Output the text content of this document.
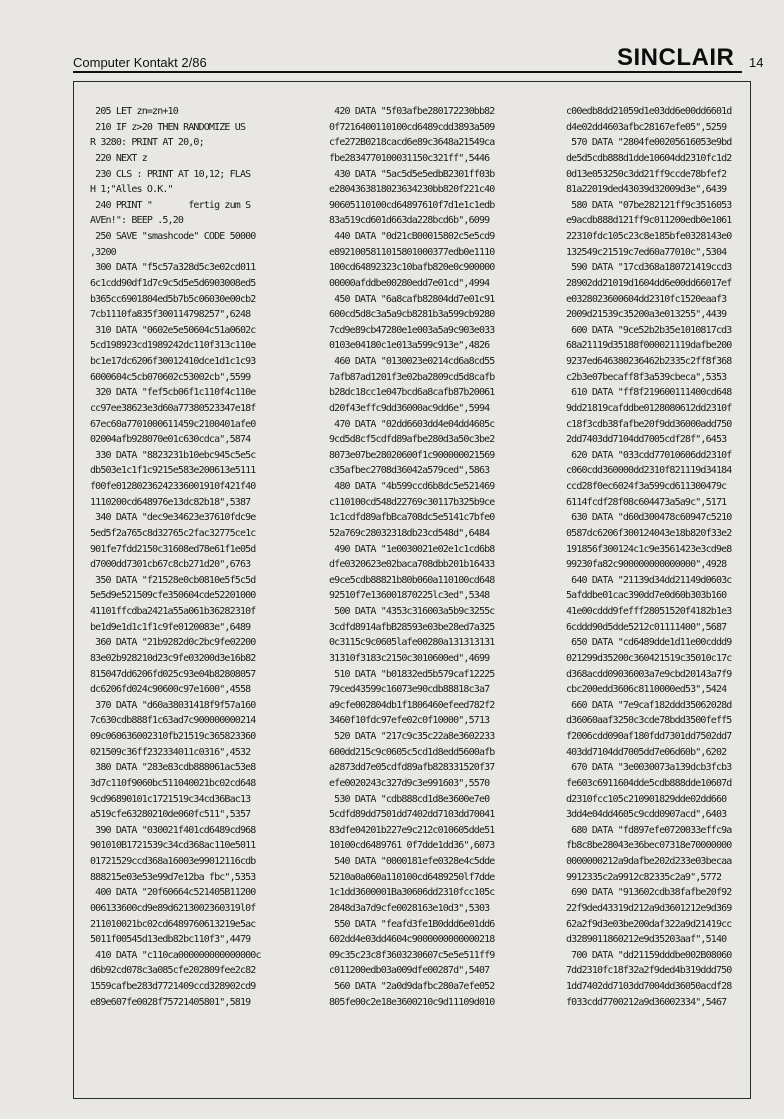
Computer Kontakt 2/86	SINCLAIR 14
205 LET zn=zn+10
210 IF z>20 THEN RANDOMIZE US
R 3280: PRINT AT 20,0;
220 NEXT z
230 CLS : PRINT AT 10,12; FLAS
H 1;"Alles O.K."
240 PRINT "       fertig zum S
AVEn!": BEEP .5,20
250 SAVE "smashcode" CODE 50000
,3200
300 DATA "f5c57a328d5c3e02cd011
6c1cdd90df1d7c9c5d5e5d6903008ed5
b365cc6901804ed5b7b5c06030e00cb2
7cb1110fa835f300114798257",6248
310 DATA "0602e5e50604c51a0602c
5cd198923cd1989242dc110f313c110e
bc1e17dc6206f30012410dce1d1c1c93
6000604c5cb070602c53002cb",5599
320 DATA "fef5cb06f1c110f4c110e
cc97ee38623e3d60a77380523347e18f
67ec60a7701000611459c2100401afe0
02004afb928070e01c630cdca",5874
330 DATA "8823231b10ebc945c5e5c
db503e1c1f1c9215e583e200613e5111
f00fe01280236242336001910f421f40
1110200cd648976e13dc82b18",5387
340 DATA "dec9e34623e37610fdc9e
5ed5f2a765c8d32765c2fac32775ce1c
901fe7fdd2150c31608ed78e61f1e05d
d7000dd7301cb67c8cb271d20",6763
350 DATA "f21528e0cb0810e5f5c5d
5e5d9e521509cfe350604cde52201000
41101ffcdba2421a55a061b36282310f
be1d9e1d1c1f1c9fe0120083e",6489
360 DATA "21b9282d0c2bc9fe02200
83e02b928210d23c9fe03200d3e16b82
815047dd6206fd025c93e04b82808057
dc6206fd024c90600c97e1600",4558
370 DATA "d60a38031418f9f57a160
7c630cdb888f1c63ad7c900000000214
09c060636002310fb21519c365823360
021509c36ff232334011c0316",4532
380 DATA "283e83cdb888061ac53e8
3d7c110f9060bc511040021bc02cd648
9cd96890101c1721519c34cd36Bac13
a519cfe63280210de060fc511",5357
390 DATA "030021f401cd6489cd968
901010B1721539c34cd368ac110e5011
01721529ccd368a16003e99012116cdb
888215e03e53e99d7e12ba fbc",5353
400 DATA "20f60664c521405B11200
006133600cd9e89d6213002360319l0f
211010021bc02cd6489760613219e5ac
5011f00545d13edb82bc110f3",4479
410 DATA "c110ca000000000000000c
d6b92cd078c3a085cfe202809fee2c82
1559cafbe283d7721409ccd328902cd9
e89e607fe0028f75721405801",5819
420 DATA "5f03afbe280172230bb82
0f7216400110100cd6489cdd3893a509
cfe272B0218cacd6e89c3648a21549ca
fbe2834770100031150c321ff",5446
430 DATA "5ac5d5e5edbB2301ff03b
e2804363818023634230bb820f221c40
90605110100cd64897610f7d1e1c1edb
83a519cd601d663da228bcd6b",6099
440 DATA "0d21cB00015802c5e5cd9
e8921005811015801000377edb0e1110
100cd64892323c10bafb820e0c900000
00000afddbe00280edd7e01cd",4994
450 DATA "6a8cafb82804dd7e01c91
600cd5d8c3a5a9cb8281b3a599cb9280
7cd9e89cb47280e1e003a5a9c903e033
0103e04180c1e013a599c913e",4826
460 DATA "0130023e0214cd6a8cd55
7afb87ad1201f3e02ba2809cd5d8cafb
b28dc18cc1e047bcd6a8cafb87b20061
d20f43effc9dd36000ac9dd6e",5994
470 DATA "02dd6603dd4e04dd4605c
9cd5d8cf5cdfd89afbe280d3a50c3be2
8073e07be28020600f1c900000021569
c35afbec2708d36042a579ced",5863
480 DATA "4b599ccd6b8dc5e521469
c110100cd548d22769c30117b325b9ce
1c1cdfd89afbBca708dc5e5141c7bfe0
52a769c28032318db23cd548d",6484
490 DATA "1e0030021e02e1c1cd6b8
dfe0320623e02baca708dbb201b16433
e9ce5cdb88821b80b060a110100cd648
92510f7e136001870225lc3ed",5348
500 DATA "4353c316003a5b9c3255c
3cdfd8914afbB28593e03be28ed7a325
0c3115c9c0605lafe00280a131313131
31310f3183c2150c3010600ed",4699
510 DATA "b01832ed5b579caf12225
79ced43599c16073e90cdb88818c3a7
a9cfe002804db1f1806460efeed782f2
3460f10fdc97efe02c0f10000",5713
520 DATA "217c9c35c22a8e3602233
600dd215c9c0605c5cd1d8edd5600afb
a2873dd7e05cdfd89afb828331520f37
efe0020243c327d9c3e991603",5570
530 DATA "cdb888cd1d8e3600e7e0
5cdfd89dd7501dd7402dd7103dd70041
83dfe04201b227e9c212c010605dde51
10100cd6489761 0f7dde1dd36",6073
540 DATA "0000181efe0328e4c5dde
5210a0a060a110100cd6489250lf7dde
1c1dd3600001Ba30606dd2310fcc105c
2848d3a7d9cfe0028163e10d3",5303
550 DATA "feafd3fe1B0ddd6e01dd6
602dd4e03dd4604c9000000000000218
09c35c23c8f3603230607c5e5e511ff9
c011200edb03a009dfe00287d",5407
560 DATA "2a0d9dafbc280a7efe052
805fe00c2e18e3600210c9d11109d010
c00edb8dd21059d1e03dd6e00dd6601d
d4e02dd4603afbc28167efe05",5259
570 DATA "2804fe00205616053e9bd
de5d5cdb888d1dde10604dd2310fc1d2
0d13e053250c3dd21ff9ccde78bfef2
81a22019ded43039d32009d3e",6439
580 DATA "07be282121ff9c3516053
e9acdb888d121ff9c011200edb0e1061
22310fdc105c23c8e185bfe0328143e0
132549c21519c7ed60a77010c",5304
590 DATA "17cd368a180721419ccd3
28902dd21019d1604dd6e00dd66017ef
e0328023600604dd2310fc1520eaaf3
2009d21539c35200a3e013255",4439
600 DATA "9ce52b2b35e1010817cd3
68a21119d35188f000021119dafbe200
9237ed646380236462b2335c2ff8f368
c2b3e07becaff8f3a539cbeca",5353
610 DATA "ff8f219600111400cd648
9dd21819cafddbe0128080612dd2310f
c18f3cdb38fafbe20f9dd36000add750
2dd7403dd7104dd7005cdf28f",6453
620 DATA "033cdd77010606dd2310f
c060cdd360000dd2310f821119d34184
ccd28f0ec6024f3a599cd611300479c
6114fcdf28f08c604473a5a9c",5171
630 DATA "d60d300478c60947c5210
0587dc6206f300124043e18b820f33e2
191856f300124c1c9e3561423e3cd9e8
99230fa82c900000000000000",4928
640 DATA "21139d34dd21149d0603c
5afddbe01cac390dd7e0d60b303b160
41e00cddd9fefff28051520f4182b1e3
6cddd90d5dde5212c01111400",5687
650 DATA "cd6489dde1d11e00cddd9
021299d35200c360421519c35010c17c
d368acdd09036003a7e9cbd20143a7f9
cbc200edd3606c8110000ed53",5424
660 DATA "7e9caf182ddd35062028d
d36060aaf3250c3cde78bdd3500feff5
f2006cdd090af180fdd7301dd7502dd7
403dd7104dd7005dd7e06d60b",6202
670 DATA "3e0030073a139dcb3fcb3
fe603c6911604dde5cdb888dde10607d
d2310fcc105c210901829dde02dd660
3dd4e04dd4605c9cdd0907acd",6403
680 DATA "fd897efe0720033effc9a
fb8c8be28043e36bec07318e70000000
0000000212a9dafbe202d233e03becaa
9912335c2a9912c82335c2a9",5772
690 DATA "913602cdb38fafbe20f92
22f9ded43319d212a9d3601212e9d369
62a2f9d3e03be200daf322a9d21419cc
d3289011860212e9d35203aaf",5140
700 DATA "dd21159dddbe002B08060
7dd2310fc18f32a2f9ded4b319ddd750
1dd7402dd7103dd7004dd36050acdf28
f033cdd7700212a9d36002334",5467
